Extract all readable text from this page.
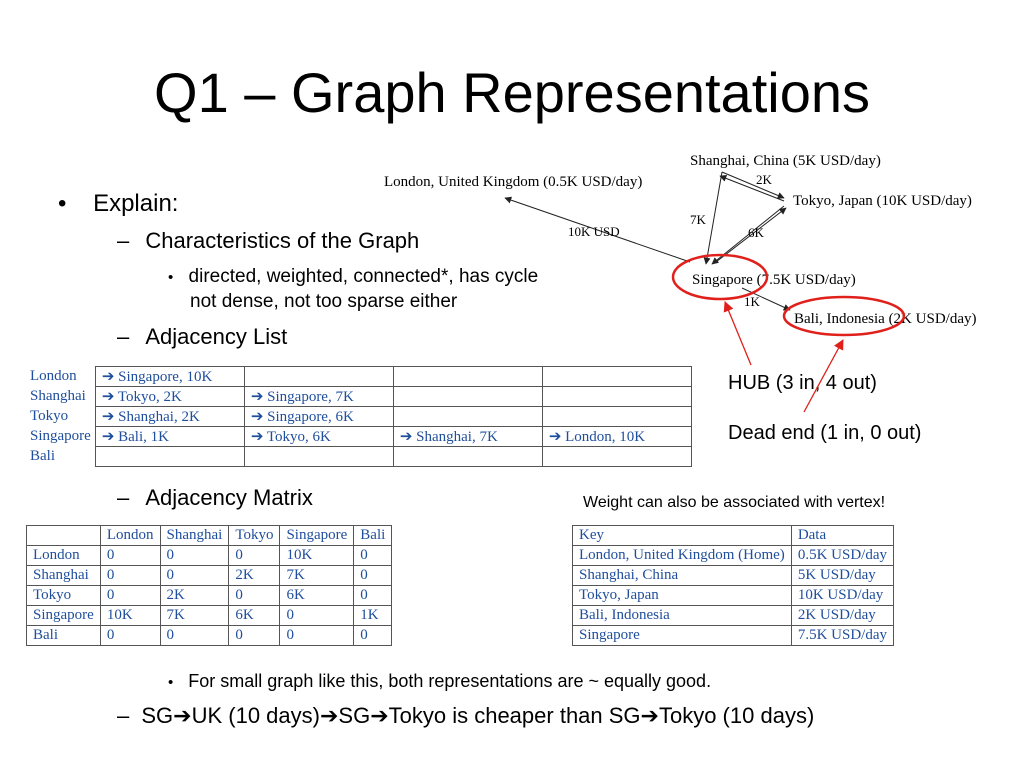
Q1 – Graph Representations
• Explain:
– Characteristics of the Graph
• directed, weighted, connected*, has cycle
not dense, not too sparse either
– Adjacency List
London	➔ Singapore, 10K			
Shanghai	➔ Tokyo, 2K	➔ Singapore, 7K		
Tokyo	➔ Shanghai, 2K	➔ Singapore, 6K		
Singapore	➔ Bali, 1K	➔ Tokyo, 6K	➔ Shanghai, 7K	➔ London, 10K
Bali				
HUB (3 in, 4 out)
Dead end (1 in, 0 out)
– Adjacency Matrix	Weight can also be associated with vertex!
	London	Shanghai	Tokyo	Singapore	Bali
London	0	0	0	10K	0
Shanghai	0	0	2K	7K	0
Tokyo	0	2K	0	6K	0
Singapore	10K	7K	6K	0	1K
Bali	0	0	0	0	0
Key	Data
London, United Kingdom (Home)	0.5K USD/day
Shanghai, China	5K USD/day
Tokyo, Japan	10K USD/day
Bali, Indonesia	2K USD/day
Singapore	7.5K USD/day
• For small graph like this, both representations are ~ equally good.
– SG➔UK (10 days)➔SG➔Tokyo is cheaper than SG➔Tokyo (10 days)
London, United Kingdom (0.5K USD/day)
Shanghai, China (5K USD/day)
Tokyo, Japan (10K USD/day)
Singapore (7.5K USD/day)
Bali, Indonesia (2K USD/day)
10K USD
7K
2K
6K
1K
